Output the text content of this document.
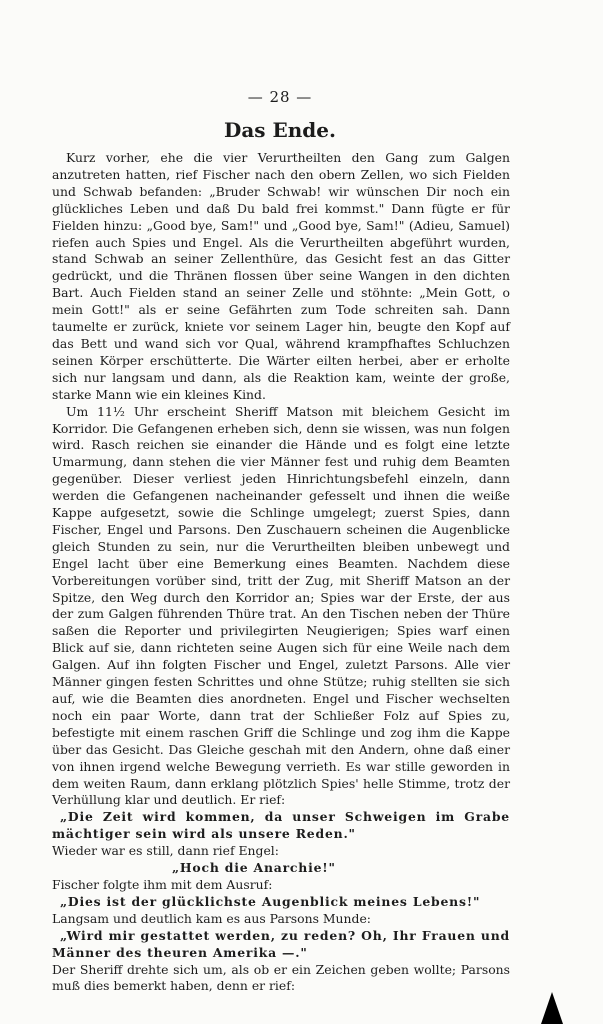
— 28 —
Das Ende.

Kurz vorher, ehe die vier Verurtheilten den Gang zum Galgen anzutreten hatten, rief Fischer nach den obern Zellen, wo sich Fielden und Schwab befanden: „Bruder Schwab! wir wünschen Dir noch ein glückliches Leben und daß Du bald frei kommst." Dann fügte er für Fielden hinzu: „Good bye, Sam!" und „Good bye, Sam!" (Adieu, Samuel) riefen auch Spies und Engel. Als die Verurtheilten abgeführt wurden, stand Schwab an seiner Zellenthüre, das Gesicht fest an das Gitter gedrückt, und die Thränen flossen über seine Wangen in den dichten Bart. Auch Fielden stand an seiner Zelle und stöhnte: „Mein Gott, o mein Gott!" als er seine Gefährten zum Tode schreiten sah. Dann taumelte er zurück, kniete vor seinem Lager hin, beugte den Kopf auf das Bett und wand sich vor Qual, während krampfhaftes Schluchzen seinen Körper erschütterte. Die Wärter eilten herbei, aber er erholte sich nur langsam und dann, als die Reaktion kam, weinte der große, starke Mann wie ein kleines Kind.

Um 11½ Uhr erscheint Sheriff Matson mit bleichem Gesicht im Korridor. Die Gefangenen erheben sich, denn sie wissen, was nun folgen wird. Rasch reichen sie einander die Hände und es folgt eine letzte Umarmung, dann stehen die vier Männer fest und ruhig dem Beamten gegenüber. Dieser verliest jeden Hinrichtungsbefehl einzeln, dann werden die Gefangenen nacheinander gefesselt und ihnen die weiße Kappe aufgesetzt, sowie die Schlinge umgelegt; zuerst Spies, dann Fischer, Engel und Parsons. Den Zuschauern scheinen die Augenblicke gleich Stunden zu sein, nur die Verurtheilten bleiben unbewegt und Engel lacht über eine Bemerkung eines Beamten. Nachdem diese Vorbereitungen vorüber sind, tritt der Zug, mit Sheriff Matson an der Spitze, den Weg durch den Korridor an; Spies war der Erste, der aus der zum Galgen führenden Thüre trat. An den Tischen neben der Thüre saßen die Reporter und privilegirten Neugierigen; Spies warf einen Blick auf sie, dann richteten seine Augen sich für eine Weile nach dem Galgen. Auf ihn folgten Fischer und Engel, zuletzt Parsons. Alle vier Männer gingen festen Schrittes und ohne Stütze; ruhig stellten sie sich auf, wie die Beamten dies anordneten. Engel und Fischer wechselten noch ein paar Worte, dann trat der Schließer Folz auf Spies zu, befestigte mit einem raschen Griff die Schlinge und zog ihm die Kappe über das Gesicht. Das Gleiche geschah mit den Andern, ohne daß einer von ihnen irgend welche Bewegung verrieth. Es war stille geworden in dem weiten Raum, dann erklang plötzlich Spies' helle Stimme, trotz der Verhüllung klar und deutlich. Er rief:

„Die Zeit wird kommen, da unser Schweigen im Grabe mächtiger sein wird als unsere Reden."

Wieder war es still, dann rief Engel:

„Hoch die Anarchie!"

Fischer folgte ihm mit dem Ausruf:

„Dies ist der glücklichste Augenblick meines Lebens!"

Langsam und deutlich kam es aus Parsons Munde:

„Wird mir gestattet werden, zu reden? Oh, Ihr Frauen und Männer des theuren Amerika —."

Der Sheriff drehte sich um, als ob er ein Zeichen geben wollte; Parsons muß dies bemerkt haben, denn er rief:
